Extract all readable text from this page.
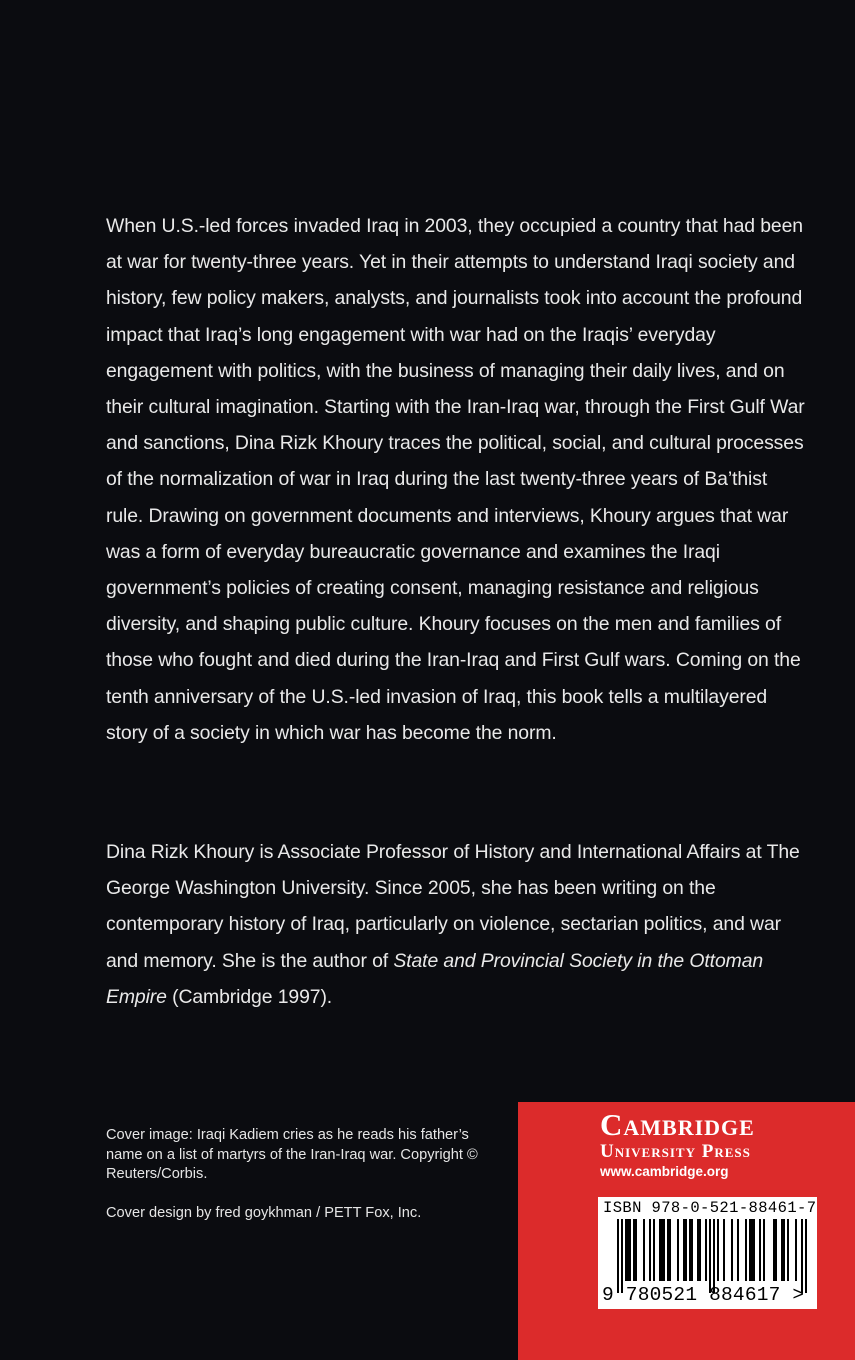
When U.S.-led forces invaded Iraq in 2003, they occupied a country that had been at war for twenty-three years. Yet in their attempts to understand Iraqi society and history, few policy makers, analysts, and journalists took into account the profound impact that Iraq’s long engagement with war had on the Iraqis’ everyday engagement with politics, with the business of managing their daily lives, and on their cultural imagination. Starting with the Iran-Iraq war, through the First Gulf War and sanctions, Dina Rizk Khoury traces the political, social, and cultural processes of the normalization of war in Iraq during the last twenty-three years of Ba’thist rule. Drawing on government documents and interviews, Khoury argues that war was a form of everyday bureaucratic governance and examines the Iraqi government’s policies of creating consent, managing resistance and religious diversity, and shaping public culture. Khoury focuses on the men and families of those who fought and died during the Iran-Iraq and First Gulf wars. Coming on the tenth anniversary of the U.S.-led invasion of Iraq, this book tells a multilayered story of a society in which war has become the norm.

Dina Rizk Khoury is Associate Professor of History and International Affairs at The George Washington University. Since 2005, she has been writing on the contemporary history of Iraq, particularly on violence, sectarian politics, and war and memory. She is the author of State and Provincial Society in the Ottoman Empire (Cambridge 1997).

Cover image: Iraqi Kadiem cries as he reads his father’s name on a list of martyrs of the Iran-Iraq war. Copyright © Reuters/Corbis.

Cover design by fred goykhman / PETT Fox, Inc.

Cambridge
University Press
www.cambridge.org
ISBN 978-0-521-88461-7
9 780521 884617 >
